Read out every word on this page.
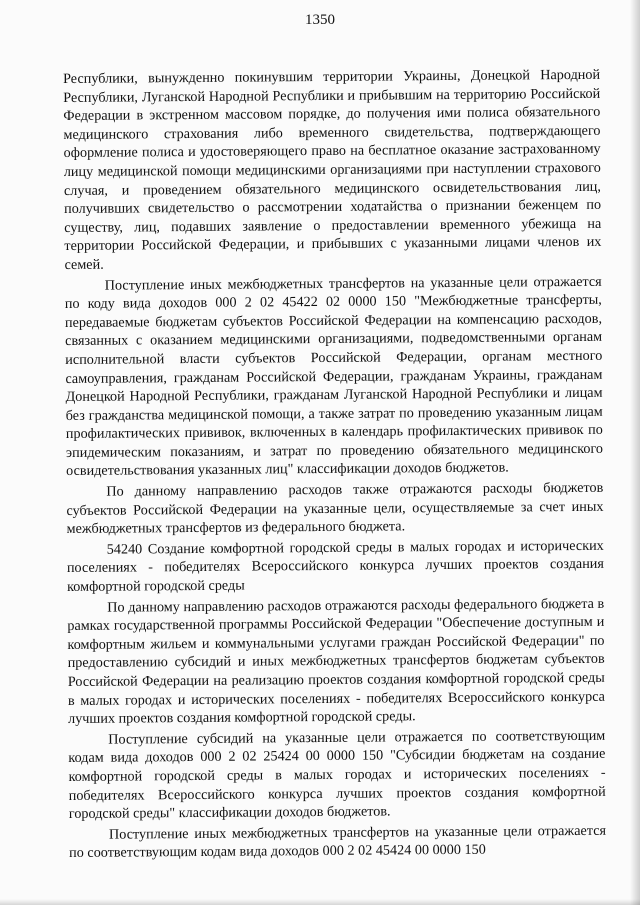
1350

Республики, вынужденно покинувшим территории Украины, Донецкой Народной Республики, Луганской Народной Республики и прибывшим на территорию Российской Федерации в экстренном массовом порядке, до получения ими полиса обязательного медицинского страхования либо временного свидетельства, подтверждающего оформление полиса и удостоверяющего право на бесплатное оказание застрахованному лицу медицинской помощи медицинскими организациями при наступлении страхового случая, и проведением обязательного медицинского освидетельствования лиц, получивших свидетельство о рассмотрении ходатайства о признании беженцем по существу, лиц, подавших заявление о предоставлении временного убежища на территории Российской Федерации, и прибывших с указанными лицами членов их семей.

Поступление иных межбюджетных трансфертов на указанные цели отражается по коду вида доходов 000 2 02 45422 02 0000 150 "Межбюджетные трансферты, передаваемые бюджетам субъектов Российской Федерации на компенсацию расходов, связанных с оказанием медицинскими организациями, подведомственными органам исполнительной власти субъектов Российской Федерации, органам местного самоуправления, гражданам Российской Федерации, гражданам Украины, гражданам Донецкой Народной Республики, гражданам Луганской Народной Республики и лицам без гражданства медицинской помощи, а также затрат по проведению указанным лицам профилактических прививок, включенных в календарь профилактических прививок по эпидемическим показаниям, и затрат по проведению обязательного медицинского освидетельствования указанных лиц" классификации доходов бюджетов.

По данному направлению расходов также отражаются расходы бюджетов субъектов Российской Федерации на указанные цели, осуществляемые за счет иных межбюджетных трансфертов из федерального бюджета.

54240 Создание комфортной городской среды в малых городах и исторических поселениях - победителях Всероссийского конкурса лучших проектов создания комфортной городской среды

По данному направлению расходов отражаются расходы федерального бюджета в рамках государственной программы Российской Федерации "Обеспечение доступным и комфортным жильем и коммунальными услугами граждан Российской Федерации" по предоставлению субсидий и иных межбюджетных трансфертов бюджетам субъектов Российской Федерации на реализацию проектов создания комфортной городской среды в малых городах и исторических поселениях - победителях Всероссийского конкурса лучших проектов создания комфортной городской среды.

Поступление субсидий на указанные цели отражается по соответствующим кодам вида доходов 000 2 02 25424 00 0000 150 "Субсидии бюджетам на создание комфортной городской среды в малых городах и исторических поселениях - победителях Всероссийского конкурса лучших проектов создания комфортной городской среды" классификации доходов бюджетов.

Поступление иных межбюджетных трансфертов на указанные цели отражается по соответствующим кодам вида доходов 000 2 02 45424 00 0000 150
